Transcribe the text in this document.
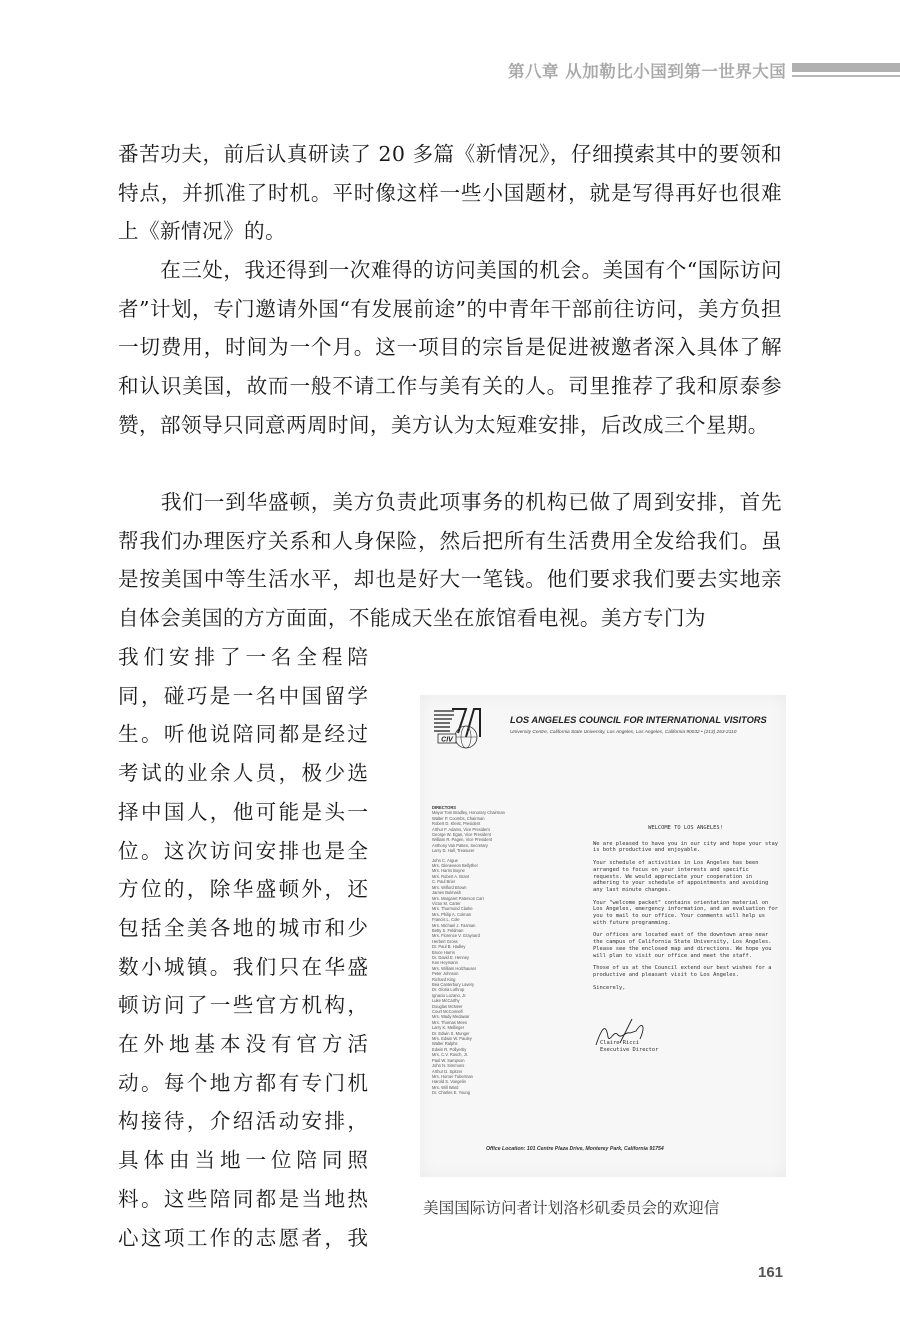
第八章 从加勒比小国到第一世界大国

番苦功夫，前后认真研读了 20 多篇《新情况》，仔细摸索其中的要领和特点，并抓准了时机。平时像这样一些小国题材，就是写得再好也很难上《新情况》的。

　　在三处，我还得到一次难得的访问美国的机会。美国有个“国际访问者”计划，专门邀请外国“有发展前途”的中青年干部前往访问，美方负担一切费用，时间为一个月。这一项目的宗旨是促进被邀者深入具体了解和认识美国，故而一般不请工作与美有关的人。司里推荐了我和原泰参赞，部领导只同意两周时间，美方认为太短难安排，后改成三个星期。

　　我们一到华盛顿，美方负责此项事务的机构已做了周到安排，首先帮我们办理医疗关系和人身保险，然后把所有生活费用全发给我们。虽是按美国中等生活水平，却也是好大一笔钱。他们要求我们要去实地亲自体会美国的方方面面，不能成天坐在旅馆看电视。美方专门为

我们安排了一名全程陪
同，碰巧是一名中国留学
生。听他说陪同都是经过
考试的业余人员，极少选
择中国人，他可能是头一
位。这次访问安排也是全
方位的，除华盛顿外，还
包括全美各地的城市和少
数小城镇。我们只在华盛
顿访问了一些官方机构，
在外地基本没有官方活
动。每个地方都有专门机
构接待，介绍活动安排，
具体由当地一位陪同照
料。这些陪同都是当地热
心这项工作的志愿者，我
CIV
LOS ANGELES COUNCIL FOR INTERNATIONAL VISITORS
University Centre, California State University, Los Angeles, Los Angeles, California 90032 • (213) 263-2110
DIRECTORS
Mayor Tom Bradley, Honorary Chairman
Walter P. Coombs, Chairman
Robert D. Kleist, President
Arthur F. Adams, Vice President
George W. Egan, Vice President
William R. Pagen, Vice President
Anthony Van Patten, Secretary
Larry D. Hall, Treasurer
John C. Argue
Mrs. Gleneveon Bellyther
Mrs. Harris Boyne
Mrs. Robert A. Brant
C. Paul Brier
Mrs. Wilford Brown
James Bulmash
Mrs. Margaret Paterson Carr
Victor M. Carter
Mrs. Thurmond Clarke
Mrs. Philip A. Colman
Francis L. Cole
Mrs. Michael J. Fasman
Betty S. Feldman
Mrs. Florence V. Graynard
Herbert Gross
Dr. Paul B. Hadley
Bruce Harris
Dr. David E. Henney
Ken Heymann
Mrs. William Holzhauser
Peter Johnson
Richard King
Bea Canterbury Lavery
Dr. Gloria Lothrop
Ignacio Lozano, Jr.
Luke McCarthy
Douglas McNeer
Court McConnell
Mrs. Wady Medawar
Mrs. Thomas Mees
Larry K. Mellinger
Dr. Edwin S. Munger
Mrs. Edwin W. Pauley
Walter Ralphs
Edwin R. Pollyerby
Mrs. C.V. Rusch, Jr.
Paul W. Sampson
John N. Simmons
Arthur D. Spitzer
Mrs. Homer Tuberman
Harold S. Voegelin
Mrs. Will Ward
Dr. Charles E. Young
WELCOME TO LOS ANGELES!

We are pleased to have you in our city and hope your stay is both productive and enjoyable.

Your schedule of activities in Los Angeles has been arranged to focus on your interests and specific requests. We would appreciate your cooperation in adhering to your schedule of appointments and avoiding any last minute changes.

Your "welcome packet" contains orientation material on Los Angeles, emergency information, and an evaluation for you to mail to our office. Your comments will help us with future programming.

Our offices are located east of the downtown area near the campus of California State University, Los Angeles. Please see the enclosed map and directions. We hope you will plan to visit our office and meet the staff.

Those of us at the Council extend our best wishes for a productive and pleasant visit to Los Angeles.

Sincerely,

Claire Ricci
Executive Director
Office Location: 101 Centre Plaza Drive, Monterey Park, California 91754
美国国际访问者计划洛杉矶委员会的欢迎信
161
